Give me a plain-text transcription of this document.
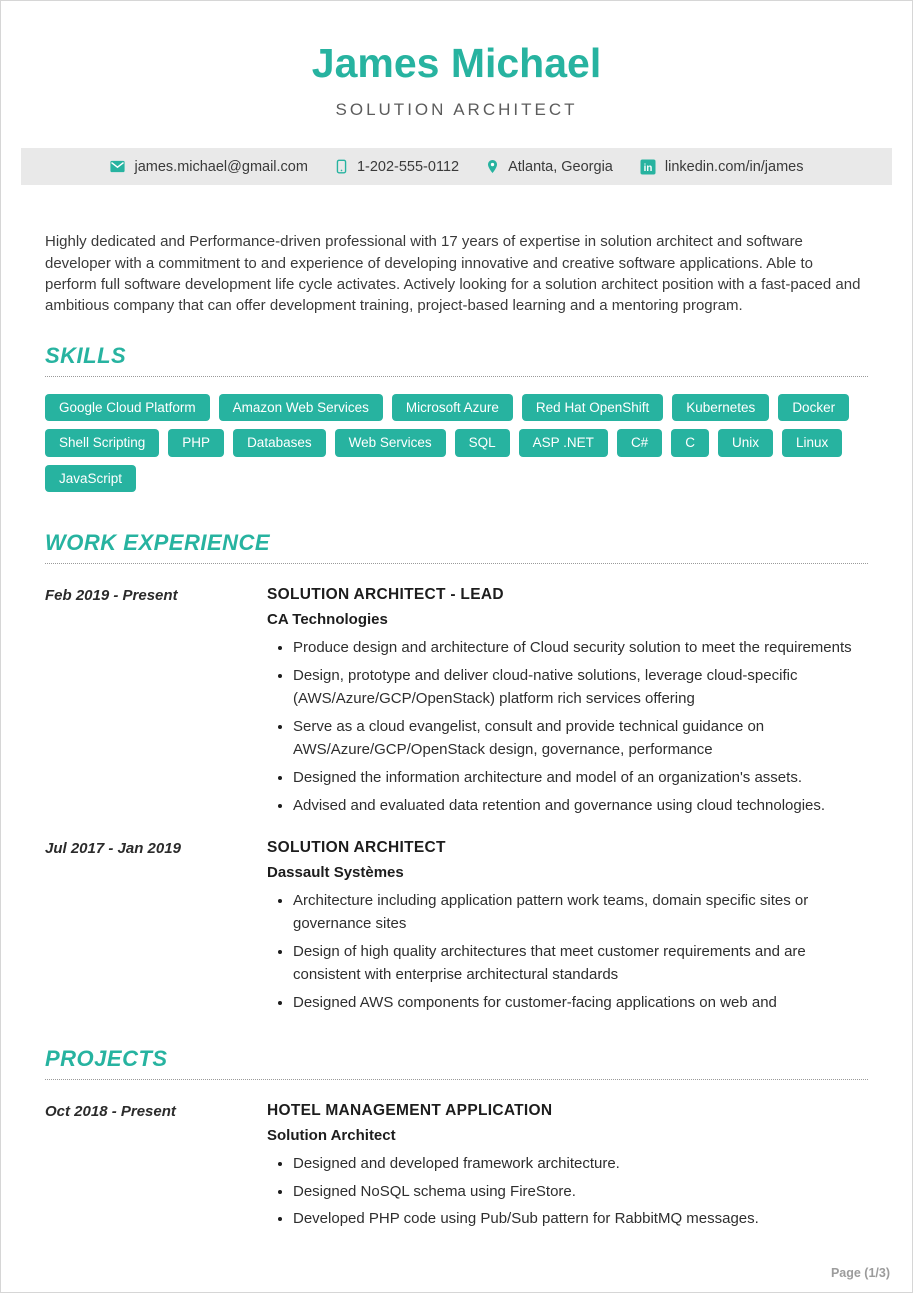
James Michael
SOLUTION ARCHITECT
james.michael@gmail.com	1-202-555-0112	Atlanta, Georgia in linkedin.com/in/james

Highly dedicated and Performance-driven professional with 17 years of expertise in solution architect and software developer with a commitment to and experience of developing innovative and creative software applications. Able to perform full software development life cycle activates. Actively looking for a solution architect position with a fast-paced and ambitious company that can offer development training, project-based learning and a mentoring program.

SKILLS
Google Cloud Platform	Amazon Web Services	Microsoft Azure	Red Hat OpenShift	Kubernetes	Docker
Shell Scripting	PHP	Databases	Web Services	SQL	ASP .NET	C#	C	Unix	Linux
JavaScript
WORK EXPERIENCE
Feb 2019 - Present	SOLUTION ARCHITECT - LEAD
CA Technologies
• Produce design and architecture of Cloud security solution to meet the requirements
• Design, prototype and deliver cloud-native solutions, leverage cloud-specific (AWS/Azure/GCP/OpenStack) platform rich services offering
• Serve as a cloud evangelist, consult and provide technical guidance on AWS/Azure/GCP/OpenStack design, governance, performance
• Designed the information architecture and model of an organization's assets.
• Advised and evaluated data retention and governance using cloud technologies.
Jul 2017 - Jan 2019	SOLUTION ARCHITECT
Dassault Systèmes
• Architecture including application pattern work teams, domain specific sites or governance sites
• Design of high quality architectures that meet customer requirements and are consistent with enterprise architectural standards
• Designed AWS components for customer-facing applications on web and
PROJECTS
Oct 2018 - Present	HOTEL MANAGEMENT APPLICATION
Solution Architect
• Designed and developed framework architecture.
• Designed NoSQL schema using FireStore.
• Developed PHP code using Pub/Sub pattern for RabbitMQ messages.
Page (1/3)
